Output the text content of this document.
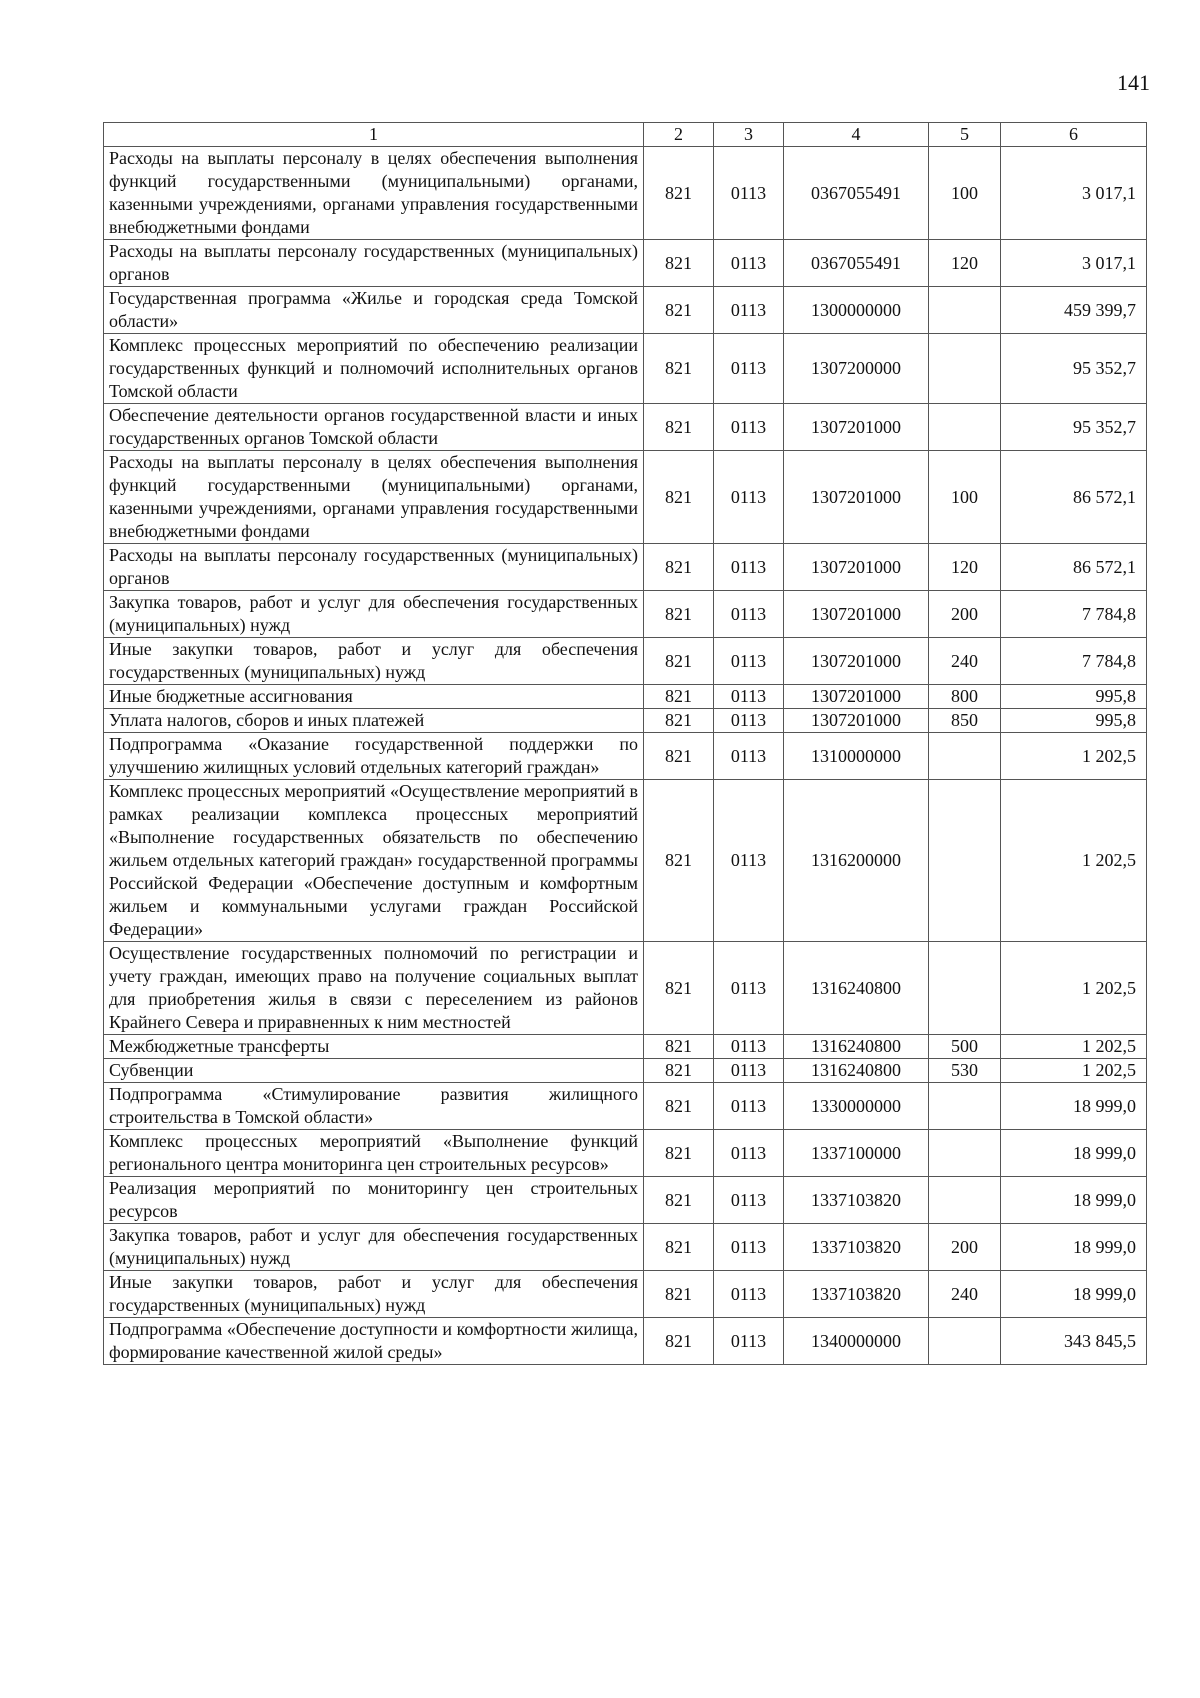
141
1	2	3	4	5	6
Расходы на выплаты персоналу в целях обеспечения выполнения функций государственными (муниципальными) органами, казенными учреждениями, органами управления государственными внебюджетными фондами	821	0113	0367055491	100	3 017,1
Расходы на выплаты персоналу государственных (муниципальных) органов	821	0113	0367055491	120	3 017,1
Государственная программа «Жилье и городская среда Томской области»	821	0113	1300000000		459 399,7
Комплекс процессных мероприятий по обеспечению реализации государственных функций и полномочий исполнительных органов Томской области	821	0113	1307200000		95 352,7
Обеспечение деятельности органов государственной власти и иных государственных органов Томской области	821	0113	1307201000		95 352,7
Расходы на выплаты персоналу в целях обеспечения выполнения функций государственными (муниципальными) органами, казенными учреждениями, органами управления государственными внебюджетными фондами	821	0113	1307201000	100	86 572,1
Расходы на выплаты персоналу государственных (муниципальных) органов	821	0113	1307201000	120	86 572,1
Закупка товаров, работ и услуг для обеспечения государственных (муниципальных) нужд	821	0113	1307201000	200	7 784,8
Иные закупки товаров, работ и услуг для обеспечения государственных (муниципальных) нужд	821	0113	1307201000	240	7 784,8
Иные бюджетные ассигнования	821	0113	1307201000	800	995,8
Уплата налогов, сборов и иных платежей	821	0113	1307201000	850	995,8
Подпрограмма «Оказание государственной поддержки по улучшению жилищных условий отдельных категорий граждан»	821	0113	1310000000		1 202,5
Комплекс процессных мероприятий «Осуществление мероприятий в рамках реализации комплекса процессных мероприятий «Выполнение государственных обязательств по обеспечению жильем отдельных категорий граждан» государственной программы Российской Федерации «Обеспечение доступным и комфортным жильем и коммунальными услугами граждан Российской Федерации»	821	0113	1316200000		1 202,5
Осуществление государственных полномочий по регистрации и учету граждан, имеющих право на получение социальных выплат для приобретения жилья в связи с переселением из районов Крайнего Севера и приравненных к ним местностей	821	0113	1316240800		1 202,5
Межбюджетные трансферты	821	0113	1316240800	500	1 202,5
Субвенции	821	0113	1316240800	530	1 202,5
Подпрограмма «Стимулирование развития жилищного строительства в Томской области»	821	0113	1330000000		18 999,0
Комплекс процессных мероприятий «Выполнение функций регионального центра мониторинга цен строительных ресурсов»	821	0113	1337100000		18 999,0
Реализация мероприятий по мониторингу цен строительных ресурсов	821	0113	1337103820		18 999,0
Закупка товаров, работ и услуг для обеспечения государственных (муниципальных) нужд	821	0113	1337103820	200	18 999,0
Иные закупки товаров, работ и услуг для обеспечения государственных (муниципальных) нужд	821	0113	1337103820	240	18 999,0
Подпрограмма «Обеспечение доступности и комфортности жилища, формирование качественной жилой среды»	821	0113	1340000000		343 845,5
